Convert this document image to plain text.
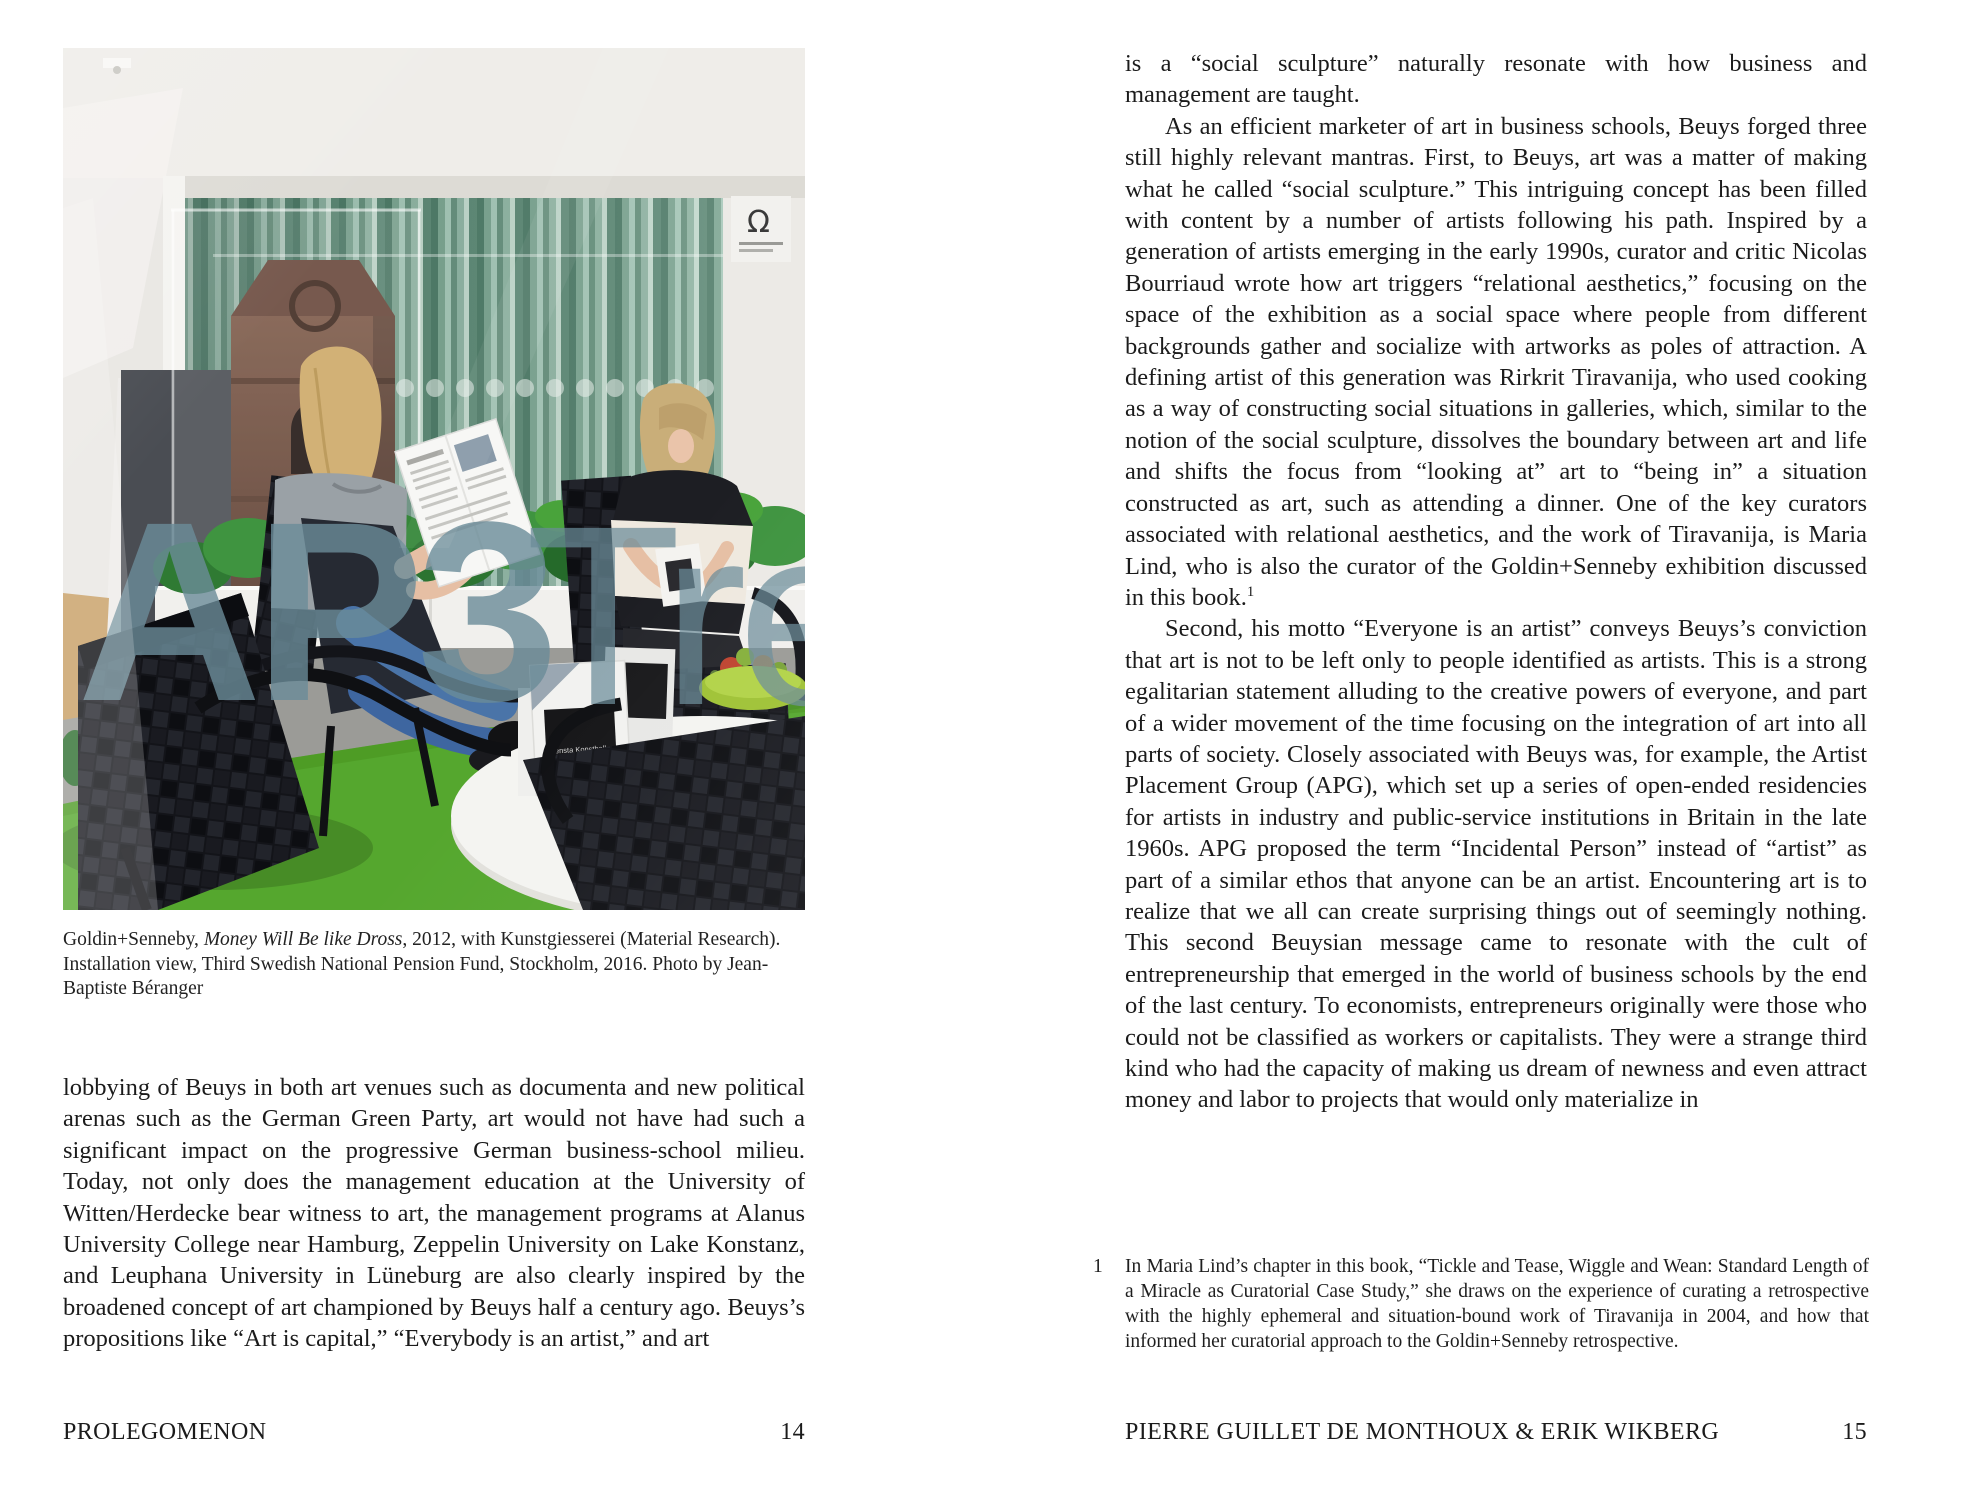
Goldin+Senneby, Money Will Be like Dross, 2012, with Kunstgiesserei (Material Research). Installation view, Third Swedish National Pension Fund, Stockholm, 2016. Photo by Jean-Baptiste Béranger

lobbying of Beuys in both art venues such as documenta and new political arenas such as the German Green Party, art would not have had such a significant impact on the progressive German business-school milieu. Today, not only does the management education at the University of Witten/Herdecke bear witness to art, the management programs at Alanus University College near Hamburg, Zeppelin University on Lake Konstanz, and Leuphana University in Lüneburg are also clearly inspired by the broadened concept of art championed by Beuys half a century ago. Beuys’s propositions like “Art is capital,” “Everybody is an artist,” and art

PROLEGOMENON	14

is a “social sculpture” naturally resonate with how business and management are taught.

As an efficient marketer of art in business schools, Beuys forged three still highly relevant mantras. First, to Beuys, art was a matter of making what he called “social sculpture.” This intriguing concept has been filled with content by a number of artists following his path. Inspired by a generation of artists emerging in the early 1990s, curator and critic Nicolas Bourriaud wrote how art triggers “relational aesthetics,” focusing on the space of the exhibition as a social space where people from different backgrounds gather and socialize with artworks as poles of attraction. A defining artist of this generation was Rirkrit Tiravanija, who used cooking as a way of constructing social situations in galleries, which, similar to the notion of the social sculpture, dissolves the boundary between art and life and shifts the focus from “looking at” art to “being in” a situation constructed as art, such as attending a dinner. One of the key curators associated with relational aesthetics, and the work of Tiravanija, is Maria Lind, who is also the curator of the Goldin+Senneby exhibition discussed in this book.$^1$

Second, his motto “Everyone is an artist” conveys Beuys’s conviction that art is not to be left only to people identified as artists. This is a strong egalitarian statement alluding to the creative powers of everyone, and part of a wider movement of the time focusing on the integration of art into all parts of society. Closely associated with Beuys was, for example, the Artist Placement Group (APG), which set up a series of open-ended residencies for artists in industry and public-service institutions in Britain in the late 1960s. APG proposed the term “Incidental Person” instead of “artist” as part of a similar ethos that anyone can be an artist. Encountering art is to realize that we all can create surprising things out of seemingly nothing. This second Beuysian message came to resonate with the cult of entrepreneurship that emerged in the world of business schools by the end of the last century. To economists, entrepreneurs originally were those who could not be classified as workers or capitalists. They were a strange third kind who had the capacity of making us dream of newness and even attract money and labor to projects that would only materialize in

1	In Maria Lind’s chapter in this book, “Tickle and Tease, Wiggle and Wean: Standard Length of a Miracle as Curatorial Case Study,” she draws on the experience of curating a retrospective with the highly ephemeral and situation-bound work of Tiravanija in 2004, and how that informed her curatorial approach to the Goldin+Senneby retrospective.
PIERRE GUILLET DE MONTHOUX & ERIK WIKBERG	15
